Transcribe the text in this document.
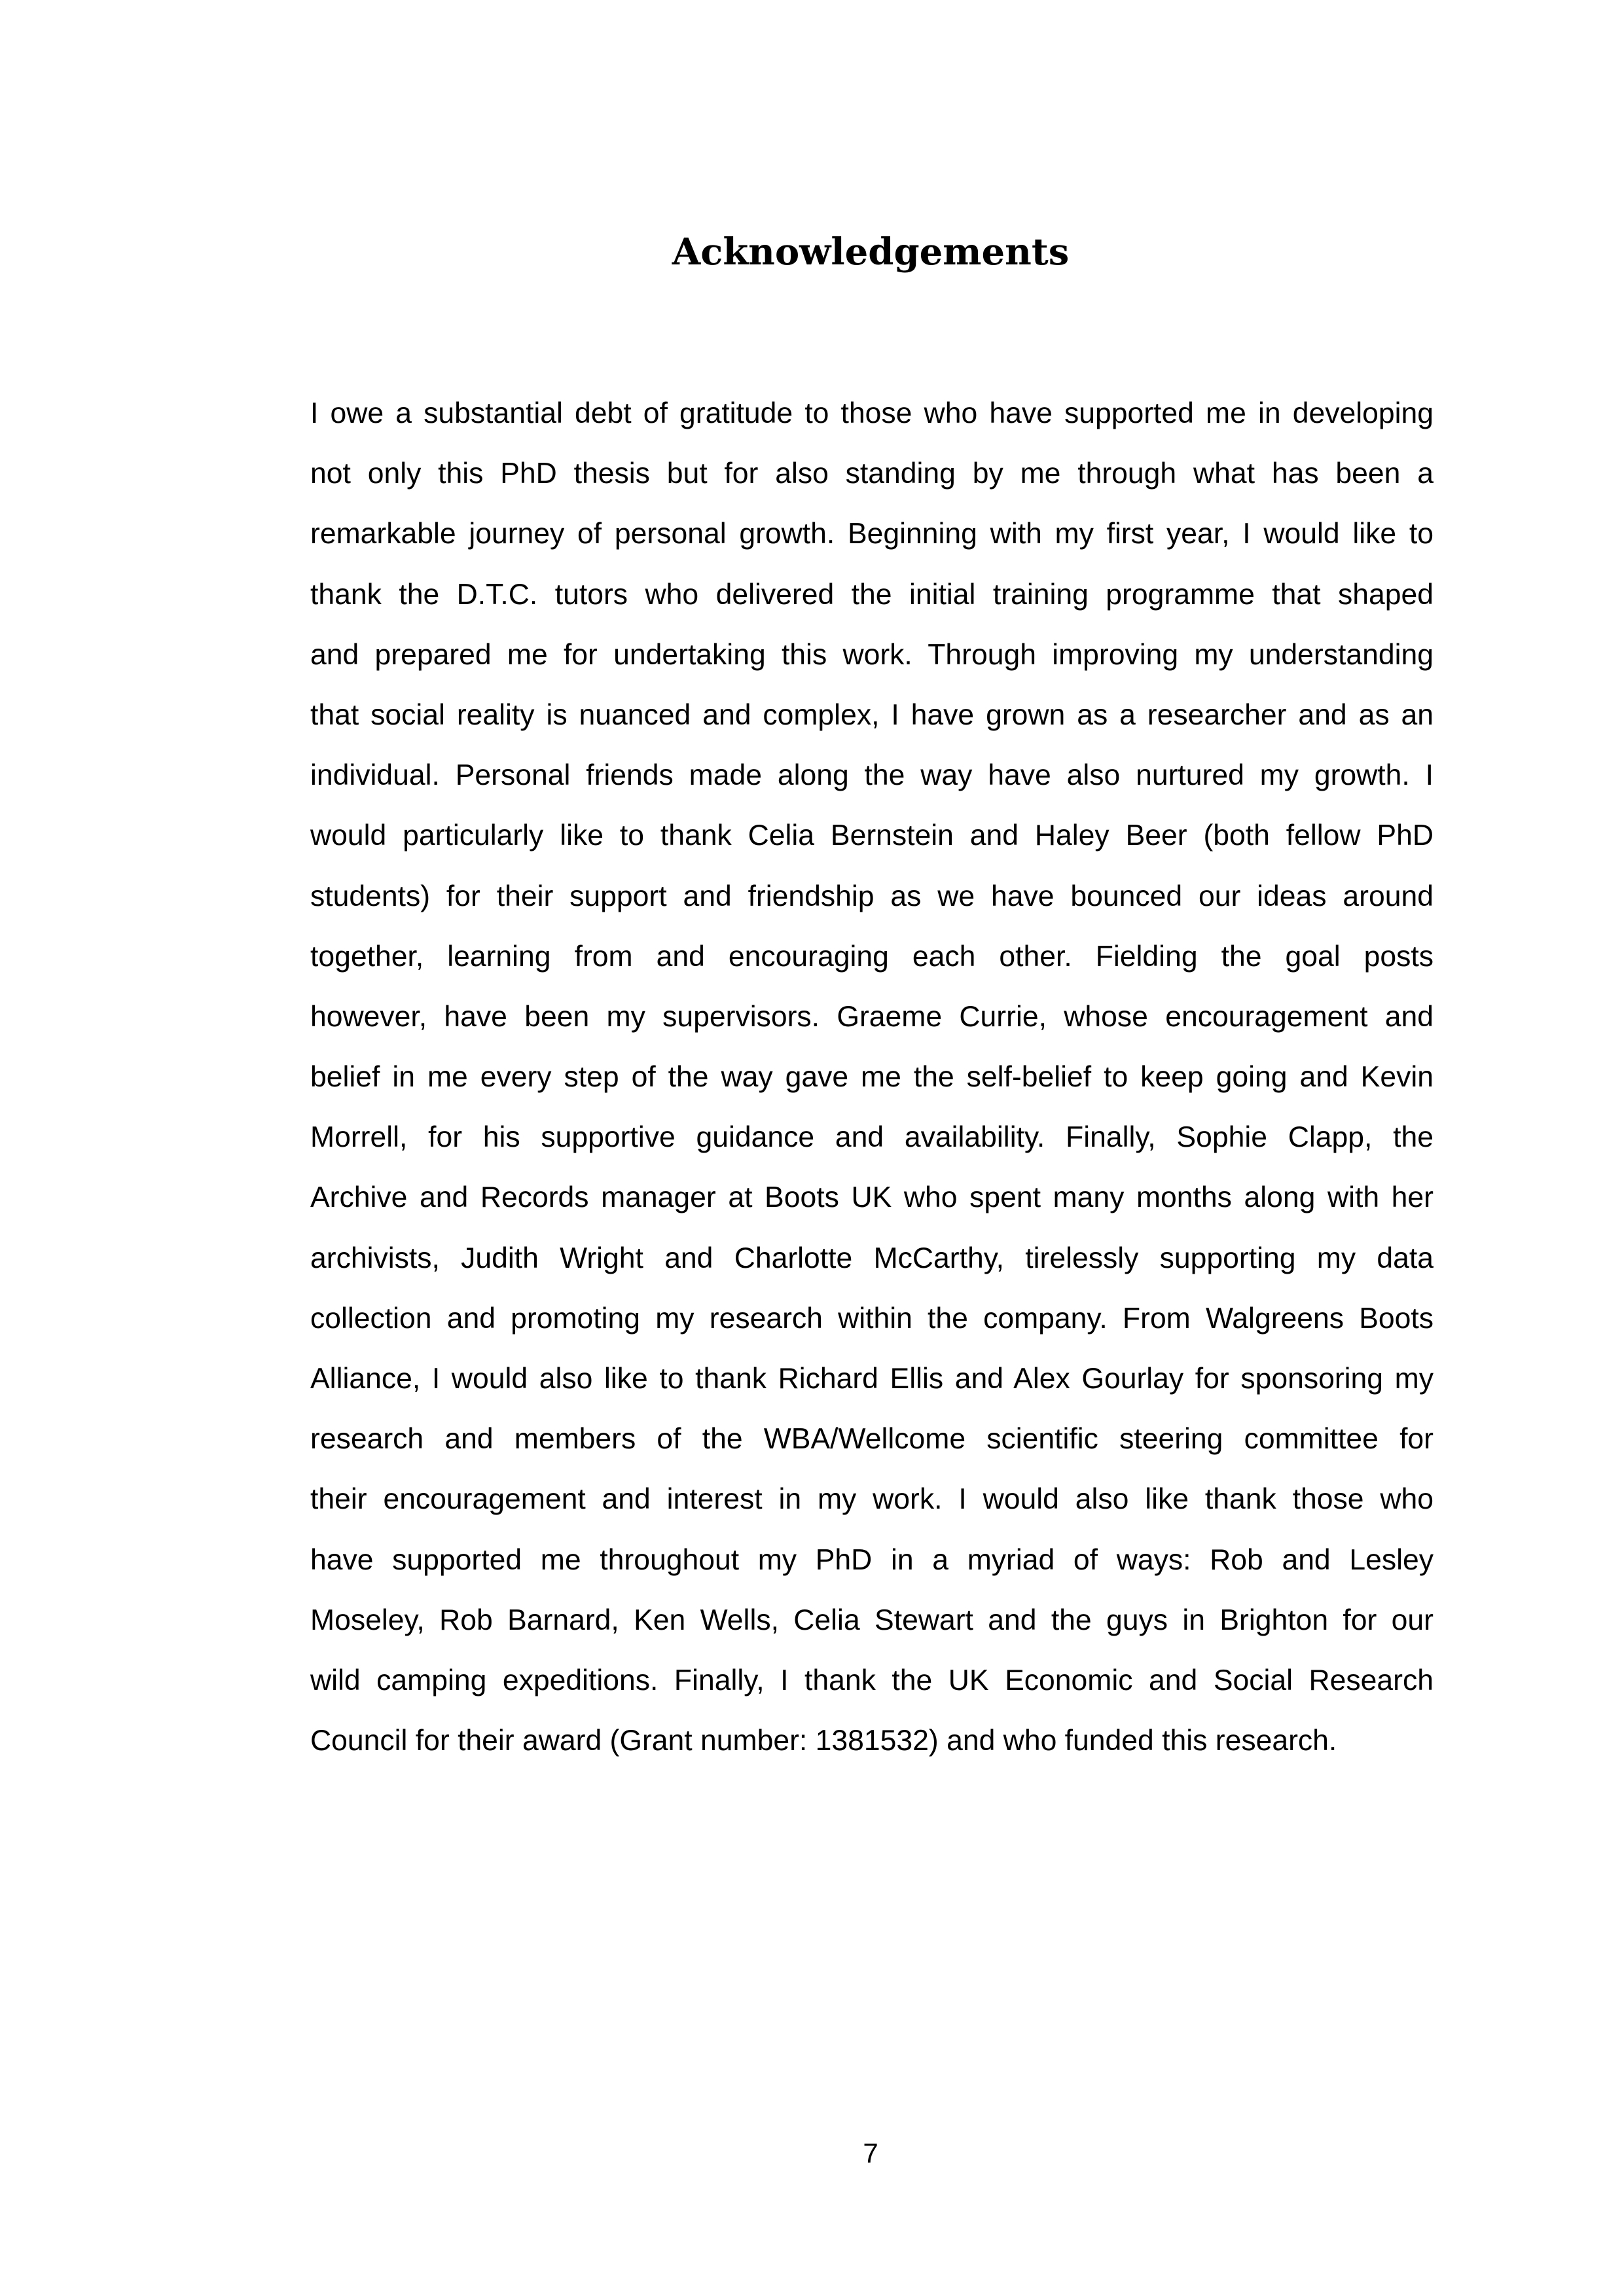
Acknowledgements
I owe a substantial debt of gratitude to those who have supported me in developing
not only this PhD thesis but for also standing by me through what has been a
remarkable journey of personal growth. Beginning with my first year, I would like to
thank the D.T.C. tutors who delivered the initial training programme that shaped
and prepared me for undertaking this work. Through improving my understanding
that social reality is nuanced and complex, I have grown as a researcher and as an
individual. Personal friends made along the way have also nurtured my growth. I
would particularly like to thank Celia Bernstein and Haley Beer (both fellow PhD
students) for their support and friendship as we have bounced our ideas around
together, learning from and encouraging each other. Fielding the goal posts
however, have been my supervisors. Graeme Currie, whose encouragement and
belief in me every step of the way gave me the self-belief to keep going and Kevin
Morrell, for his supportive guidance and availability. Finally, Sophie Clapp, the
Archive and Records manager at Boots UK who spent many months along with her
archivists, Judith Wright and Charlotte McCarthy, tirelessly supporting my data
collection and promoting my research within the company. From Walgreens Boots
Alliance, I would also like to thank Richard Ellis and Alex Gourlay for sponsoring my
research and members of the WBA/Wellcome scientific steering committee for
their encouragement and interest in my work. I would also like thank those who
have supported me throughout my PhD in a myriad of ways: Rob and Lesley
Moseley, Rob Barnard, Ken Wells, Celia Stewart and the guys in Brighton for our
wild camping expeditions. Finally, I thank the UK Economic and Social Research
Council for their award (Grant number: 1381532) and who funded this research.
7
